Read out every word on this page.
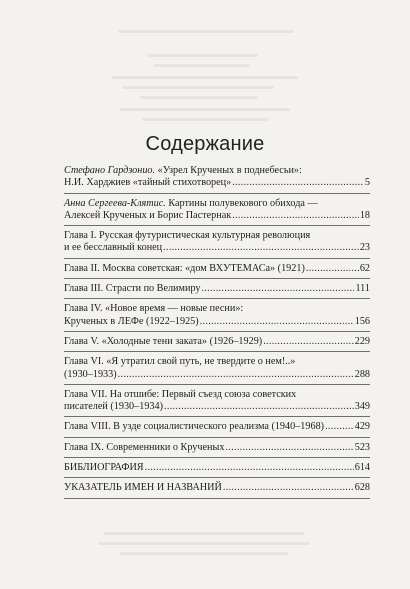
Содержание
Стефано Гардзонио. «Узрел Крученых в поднебесьи»:
Н.И. Харджиев «тайный стихотворец» .....	5
Анна Сергеева-Клятис. Картины полувекового обихода —
Алексей Крученых и Борис Пастернак .....	18
Глава I. Русская футуристическая культурная революция
и ее бесславный конец .....	23
Глава II. Москва советская: «дом ВХУТЕМАСа» (1921) .....	62
Глава III. Страсти по Велимиру .....	111
Глава IV. «Новое время — новые песни»:
Крученых в ЛЕФе (1922–1925) .....	156
Глава V. «Холодные тени заката» (1926–1929) .....	229
Глава VI. «Я утратил свой путь, не твердите о нем!..»
(1930–1933) .....	288
Глава VII. На отшибе: Первый съезд союза советских
писателей (1930–1934) .....	349
Глава VIII. В узде социалистического реализма (1940–1968) .....	429
Глава IX. Современники о Крученых .....	523
БИБЛИОГРАФИЯ .....	614
УКАЗАТЕЛЬ ИМЕН И НАЗВАНИЙ .....	628
